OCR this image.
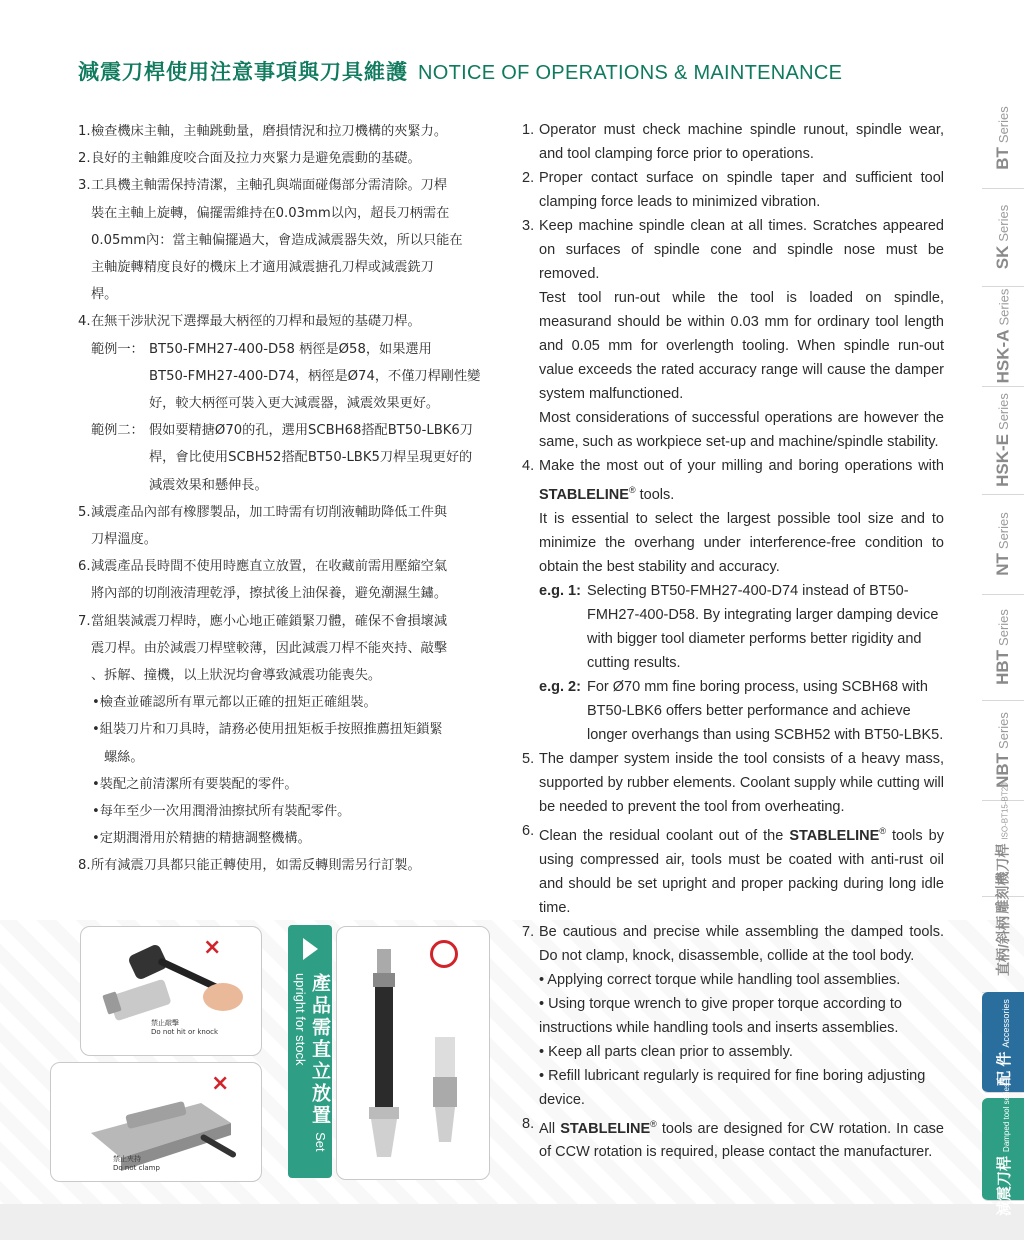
減震刀桿使用注意事項與刀具維護 NOTICE OF OPERATIONS & MAINTENANCE

1.檢查機床主軸，主軸跳動量，磨損情況和拉刀機構的夾緊力。

2.良好的主軸錐度咬合面及拉力夾緊力是避免震動的基礎。

3.工具機主軸需保持清潔，主軸孔與端面碰傷部分需清除。刀桿

裝在主軸上旋轉，偏擺需維持在0.03mm以內，超長刀柄需在

0.05mm內：當主軸偏擺過大，會造成減震器失效，所以只能在

主軸旋轉精度良好的機床上才適用減震搪孔刀桿或減震銑刀

桿。

4.在無干涉狀況下選擇最大柄徑的刀桿和最短的基礎刀桿。

範例一： BT50-FMH27-400-D58 柄徑是Ø58，如果選用
BT50-FMH27-400-D74，柄徑是Ø74，不僅刀桿剛性變
好，較大柄徑可裝入更大減震器，減震效果更好。
範例二： 假如要精搪Ø70的孔，選用SCBH68搭配BT50-LBK6刀
桿，會比使用SCBH52搭配BT50-LBK5刀桿呈現更好的
減震效果和懸伸長。

5.減震產品內部有橡膠製品，加工時需有切削液輔助降低工件與

刀桿溫度。

6.減震產品長時間不使用時應直立放置，在收藏前需用壓縮空氣

將內部的切削液清理乾淨，擦拭後上油保養，避免潮濕生鏽。

7.當組裝減震刀桿時，應小心地正確鎖緊刀體，確保不會損壞減

震刀桿。由於減震刀桿壁較薄，因此減震刀桿不能夾持、敲擊

、拆解、撞機，以上狀況均會導致減震功能喪失。

•檢查並確認所有單元都以正確的扭矩正確組裝。

•組裝刀片和刀具時，請務必使用扭矩板手按照推薦扭矩鎖緊

螺絲。

•裝配之前清潔所有要裝配的零件。

•每年至少一次用潤滑油擦拭所有裝配零件。

•定期潤滑用於精搪的精搪調整機構。

8.所有減震刀具都只能正轉使用，如需反轉則需另行訂製。

1. Operator must check machine spindle runout, spindle wear, and tool clamping force prior to operations.
2. Proper contact surface on spindle taper and sufficient tool clamping force leads to minimized vibration.
3. Keep machine spindle clean at all times. Scratches appeared on surfaces of spindle cone and spindle nose must be removed.

Test tool run-out while the tool is loaded on spindle, measurand should be within 0.03 mm for ordinary tool length and 0.05 mm for overlength tooling. When spindle run-out value exceeds the rated accuracy range will cause the damper system malfunctioned.

Most considerations of successful operations are however the same, such as workpiece set-up and machine/spindle stability.

4. Make the most out of your milling and boring operations with STABLELINE® tools.

It is essential to select the largest possible tool size and to minimize the overhang under interference-free condition to obtain the best stability and accuracy.

e.g. 1: Selecting BT50-FMH27-400-D74 instead of BT50-FMH27-400-D58. By integrating larger damping device with bigger tool diameter performs better rigidity and cutting results.
e.g. 2: For Ø70 mm fine boring process, using SCBH68 with BT50-LBK6 offers better performance and achieve longer overhangs than using SCBH52 with BT50-LBK5.
5. The damper system inside the tool consists of a heavy mass, supported by rubber elements. Coolant supply while cutting will be needed to prevent the tool from overheating.
6. Clean the residual coolant out of the STABLELINE® tools by using compressed air, tools must be coated with anti-rust oil and should be set upright and proper packing during long idle time.
7. Be cautious and precise while assembling the damped tools. Do not clamp, knock, disassemble, collide at the tool body.

• Applying correct torque while handling tool assemblies.

• Using torque wrench to give proper torque according to instructions while handling tools and inserts assemblies.

• Keep all parts clean prior to assembly.

• Refill lubricant regularly is required for fine boring adjusting device.

8. All STABLELINE® tools are designed for CW rotation. In case of CCW rotation is required, please contact the manufacturer.
×
禁止敲擊
Do not hit or knock
×
禁止夾持
Do not clamp
產品需直立放置 Set upright for stock
BTSeries
SKSeries
HSK-ASeries
HSK-ESeries
NTSeries
HBTSeries
NBTSeries
雕刻機刀桿ISO-BT15-BT20
直柄/斜柄
配 件Accessories
減震刀桿Damped tool series
